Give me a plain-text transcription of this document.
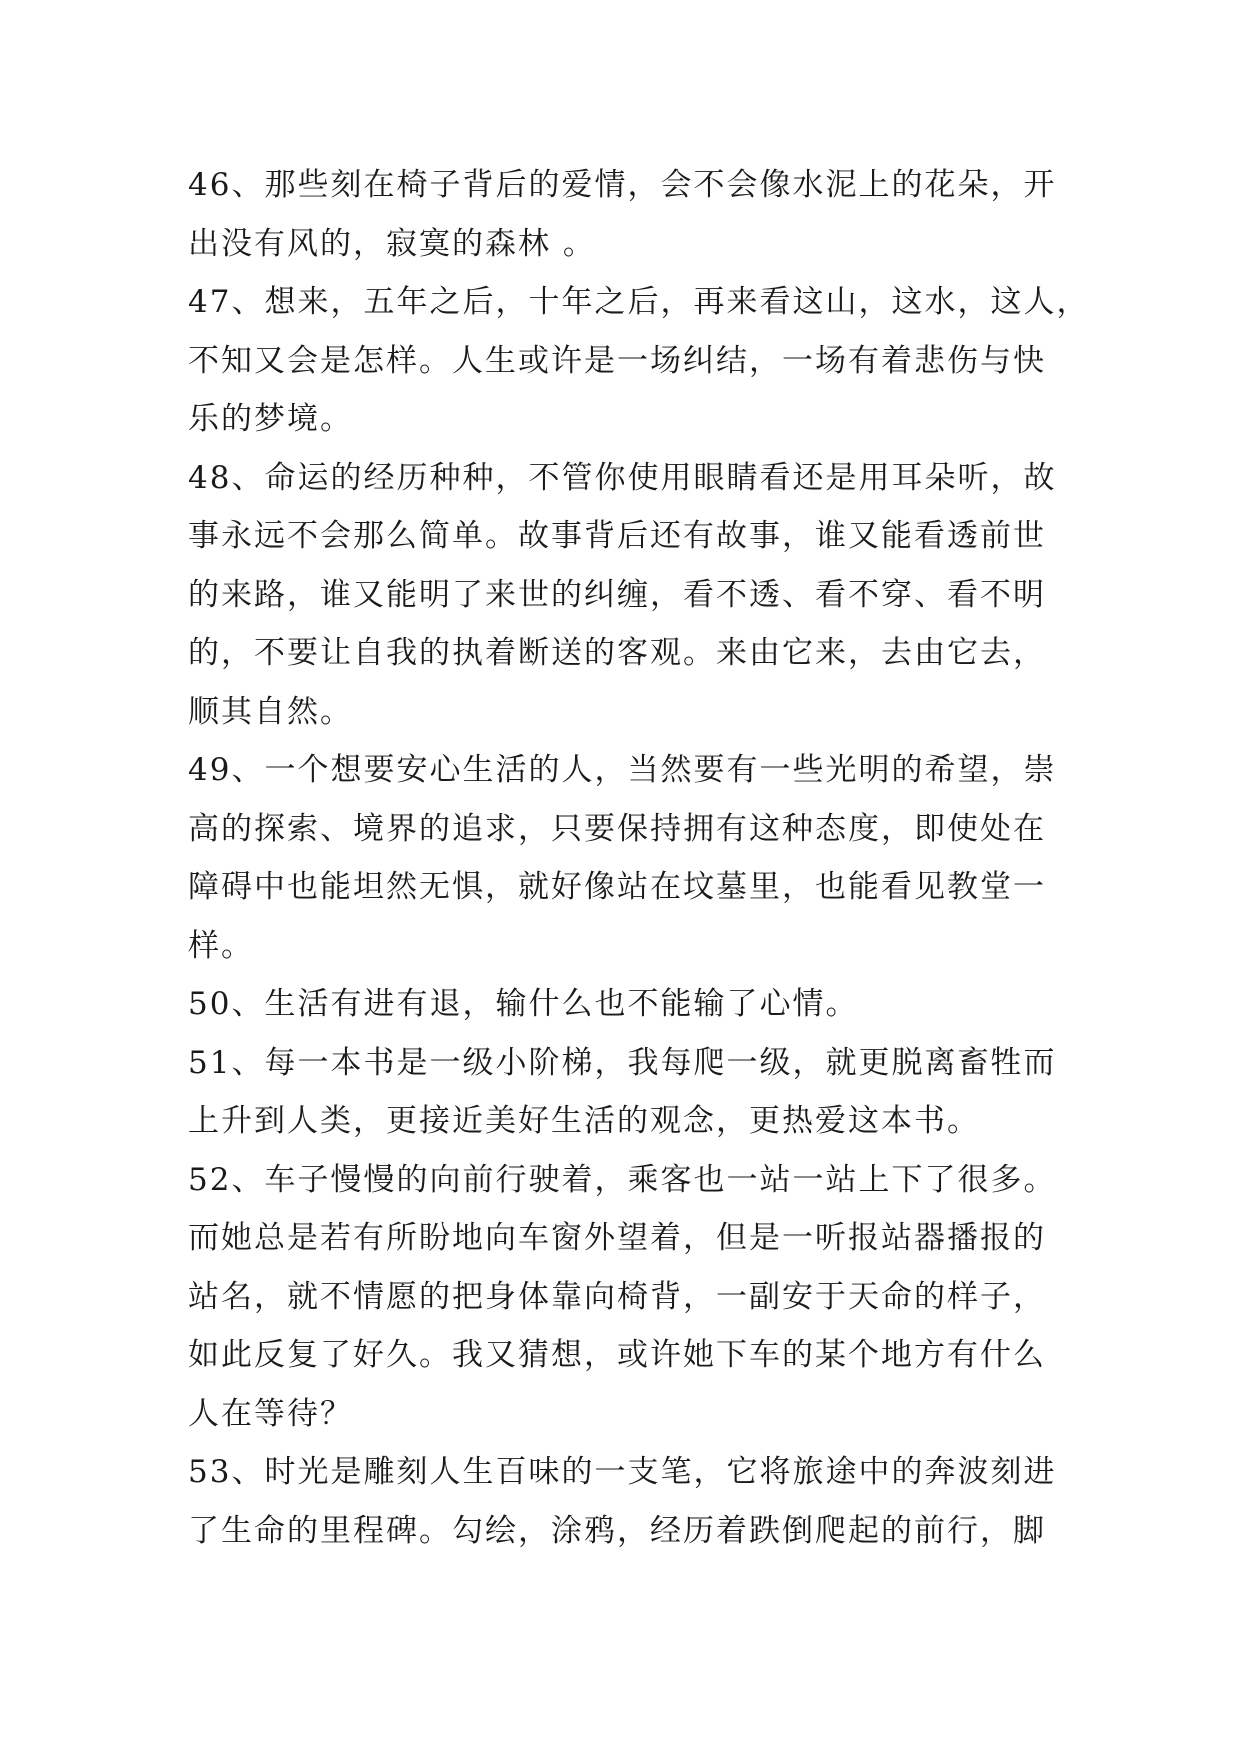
46、那些刻在椅子背后的爱情，会不会像水泥上的花朵，开
出没有风的，寂寞的森林 。
47、想来，五年之后，十年之后，再来看这山，这水，这人，
不知又会是怎样。人生或许是一场纠结，一场有着悲伤与快
乐的梦境。
48、命运的经历种种，不管你使用眼睛看还是用耳朵听，故
事永远不会那么简单。故事背后还有故事，谁又能看透前世
的来路，谁又能明了来世的纠缠，看不透、看不穿、看不明
的，不要让自我的执着断送的客观。来由它来，去由它去，
顺其自然。
49、一个想要安心生活的人，当然要有一些光明的希望，崇
高的探索、境界的追求，只要保持拥有这种态度，即使处在
障碍中也能坦然无惧，就好像站在坟墓里，也能看见教堂一
样。
50、生活有进有退，输什么也不能输了心情。
51、每一本书是一级小阶梯，我每爬一级，就更脱离畜牲而
上升到人类，更接近美好生活的观念，更热爱这本书。
52、车子慢慢的向前行驶着，乘客也一站一站上下了很多。
而她总是若有所盼地向车窗外望着，但是一听报站器播报的
站名，就不情愿的把身体靠向椅背，一副安于天命的样子，
如此反复了好久。我又猜想，或许她下车的某个地方有什么
人在等待？
53、时光是雕刻人生百味的一支笔，它将旅途中的奔波刻进
了生命的里程碑。勾绘，涂鸦，经历着跌倒爬起的前行，脚
